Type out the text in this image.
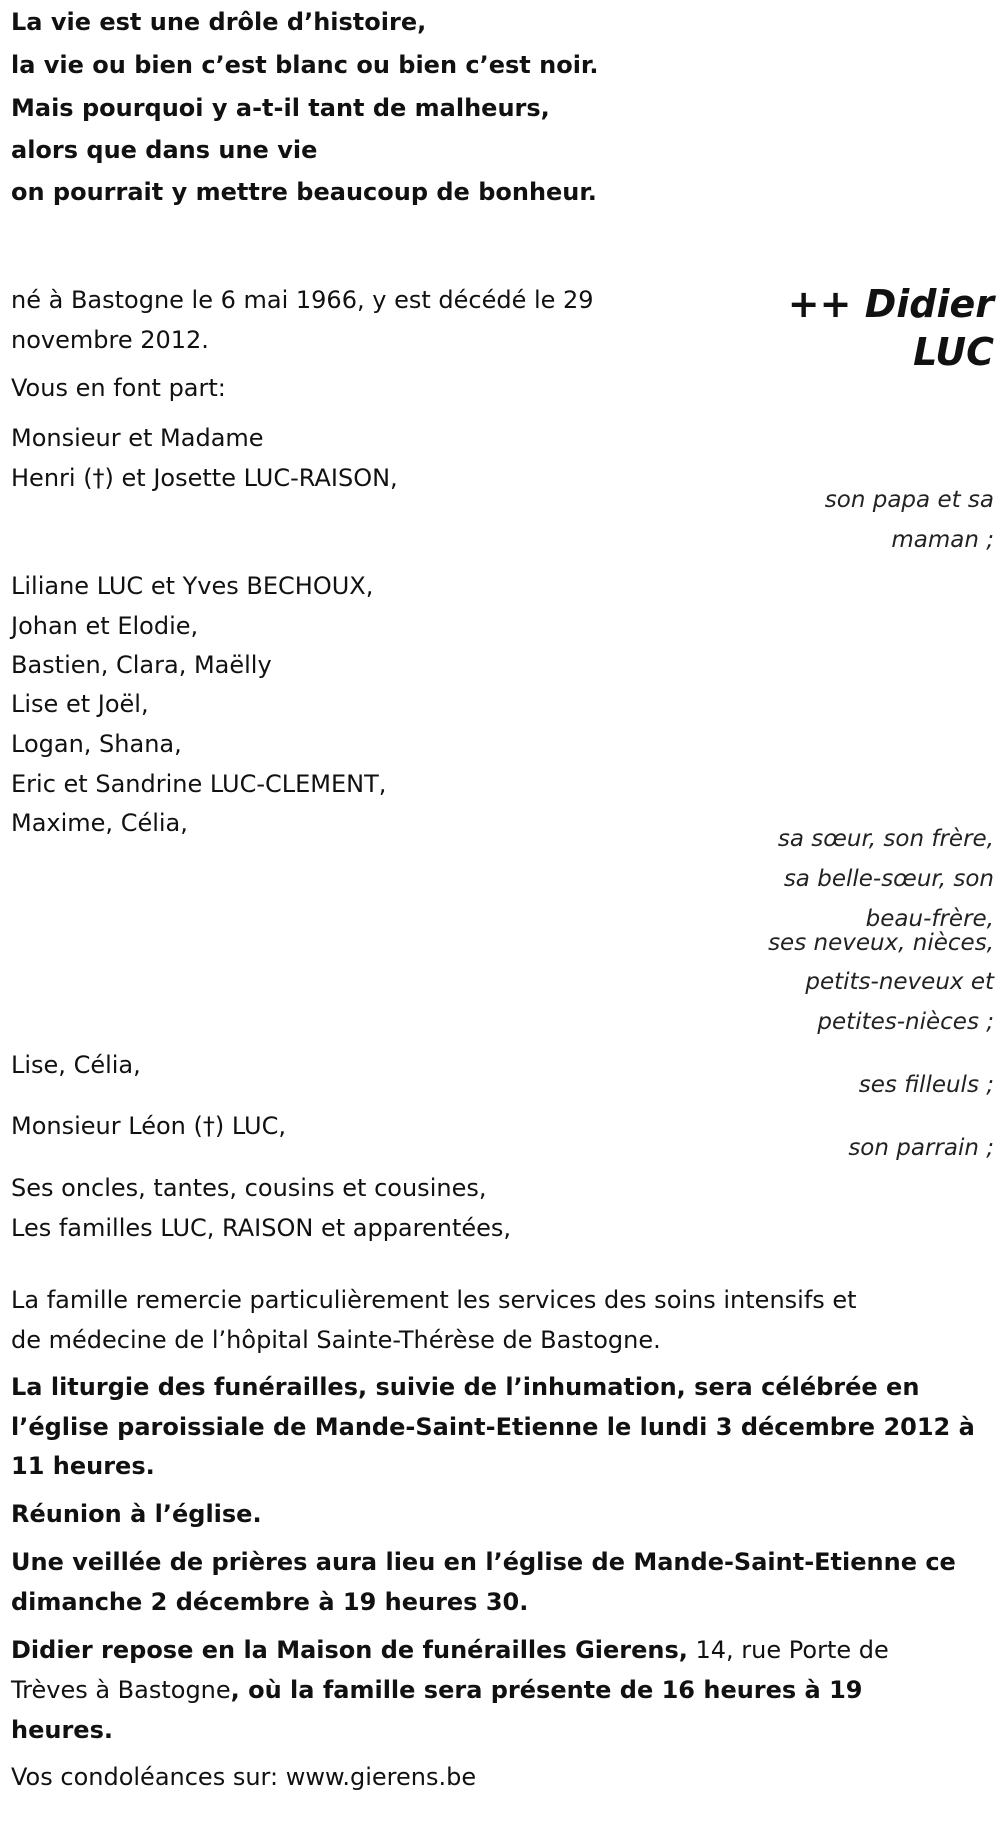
La vie est une drôle d’histoire,

la vie ou bien c’est blanc ou bien c’est noir.

Mais pourquoi y a-t-il tant de malheurs,

alors que dans une vie

on pourrait y mettre beaucoup de bonheur.

++ Didier
LUC

né à Bastogne le 6 mai 1966, y est décédé le 29

novembre 2012.

Vous en font part:

Monsieur et Madame

Henri (†) et Josette LUC-RAISON,

son papa et sa

maman ;

Liliane LUC et Yves BECHOUX,

Johan et Elodie,

Bastien, Clara, Maëlly

Lise et Joël,

Logan, Shana,

Eric et Sandrine LUC-CLEMENT,

Maxime, Célia,

sa sœur, son frère,

sa belle-sœur, son

beau-frère,

ses neveux, nièces,

petits-neveux et

petites-nièces ;

Lise, Célia,

ses filleuls ;

Monsieur Léon (†) LUC,

son parrain ;

Ses oncles, tantes, cousins et cousines,

Les familles LUC, RAISON et apparentées,

La famille remercie particulièrement les services des soins intensifs et

de médecine de l’hôpital Sainte-Thérèse de Bastogne.

La liturgie des funérailles, suivie de l’inhumation, sera célébrée en

l’église paroissiale de Mande-Saint-Etienne le lundi 3 décembre 2012 à

11 heures.

Réunion à l’église.

Une veillée de prières aura lieu en l’église de Mande-Saint-Etienne ce

dimanche 2 décembre à 19 heures 30.

Didier repose en la Maison de funérailles Gierens, 14, rue Porte de

Trèves à Bastogne, où la famille sera présente de 16 heures à 19

heures.

Vos condoléances sur: www.gierens.be
